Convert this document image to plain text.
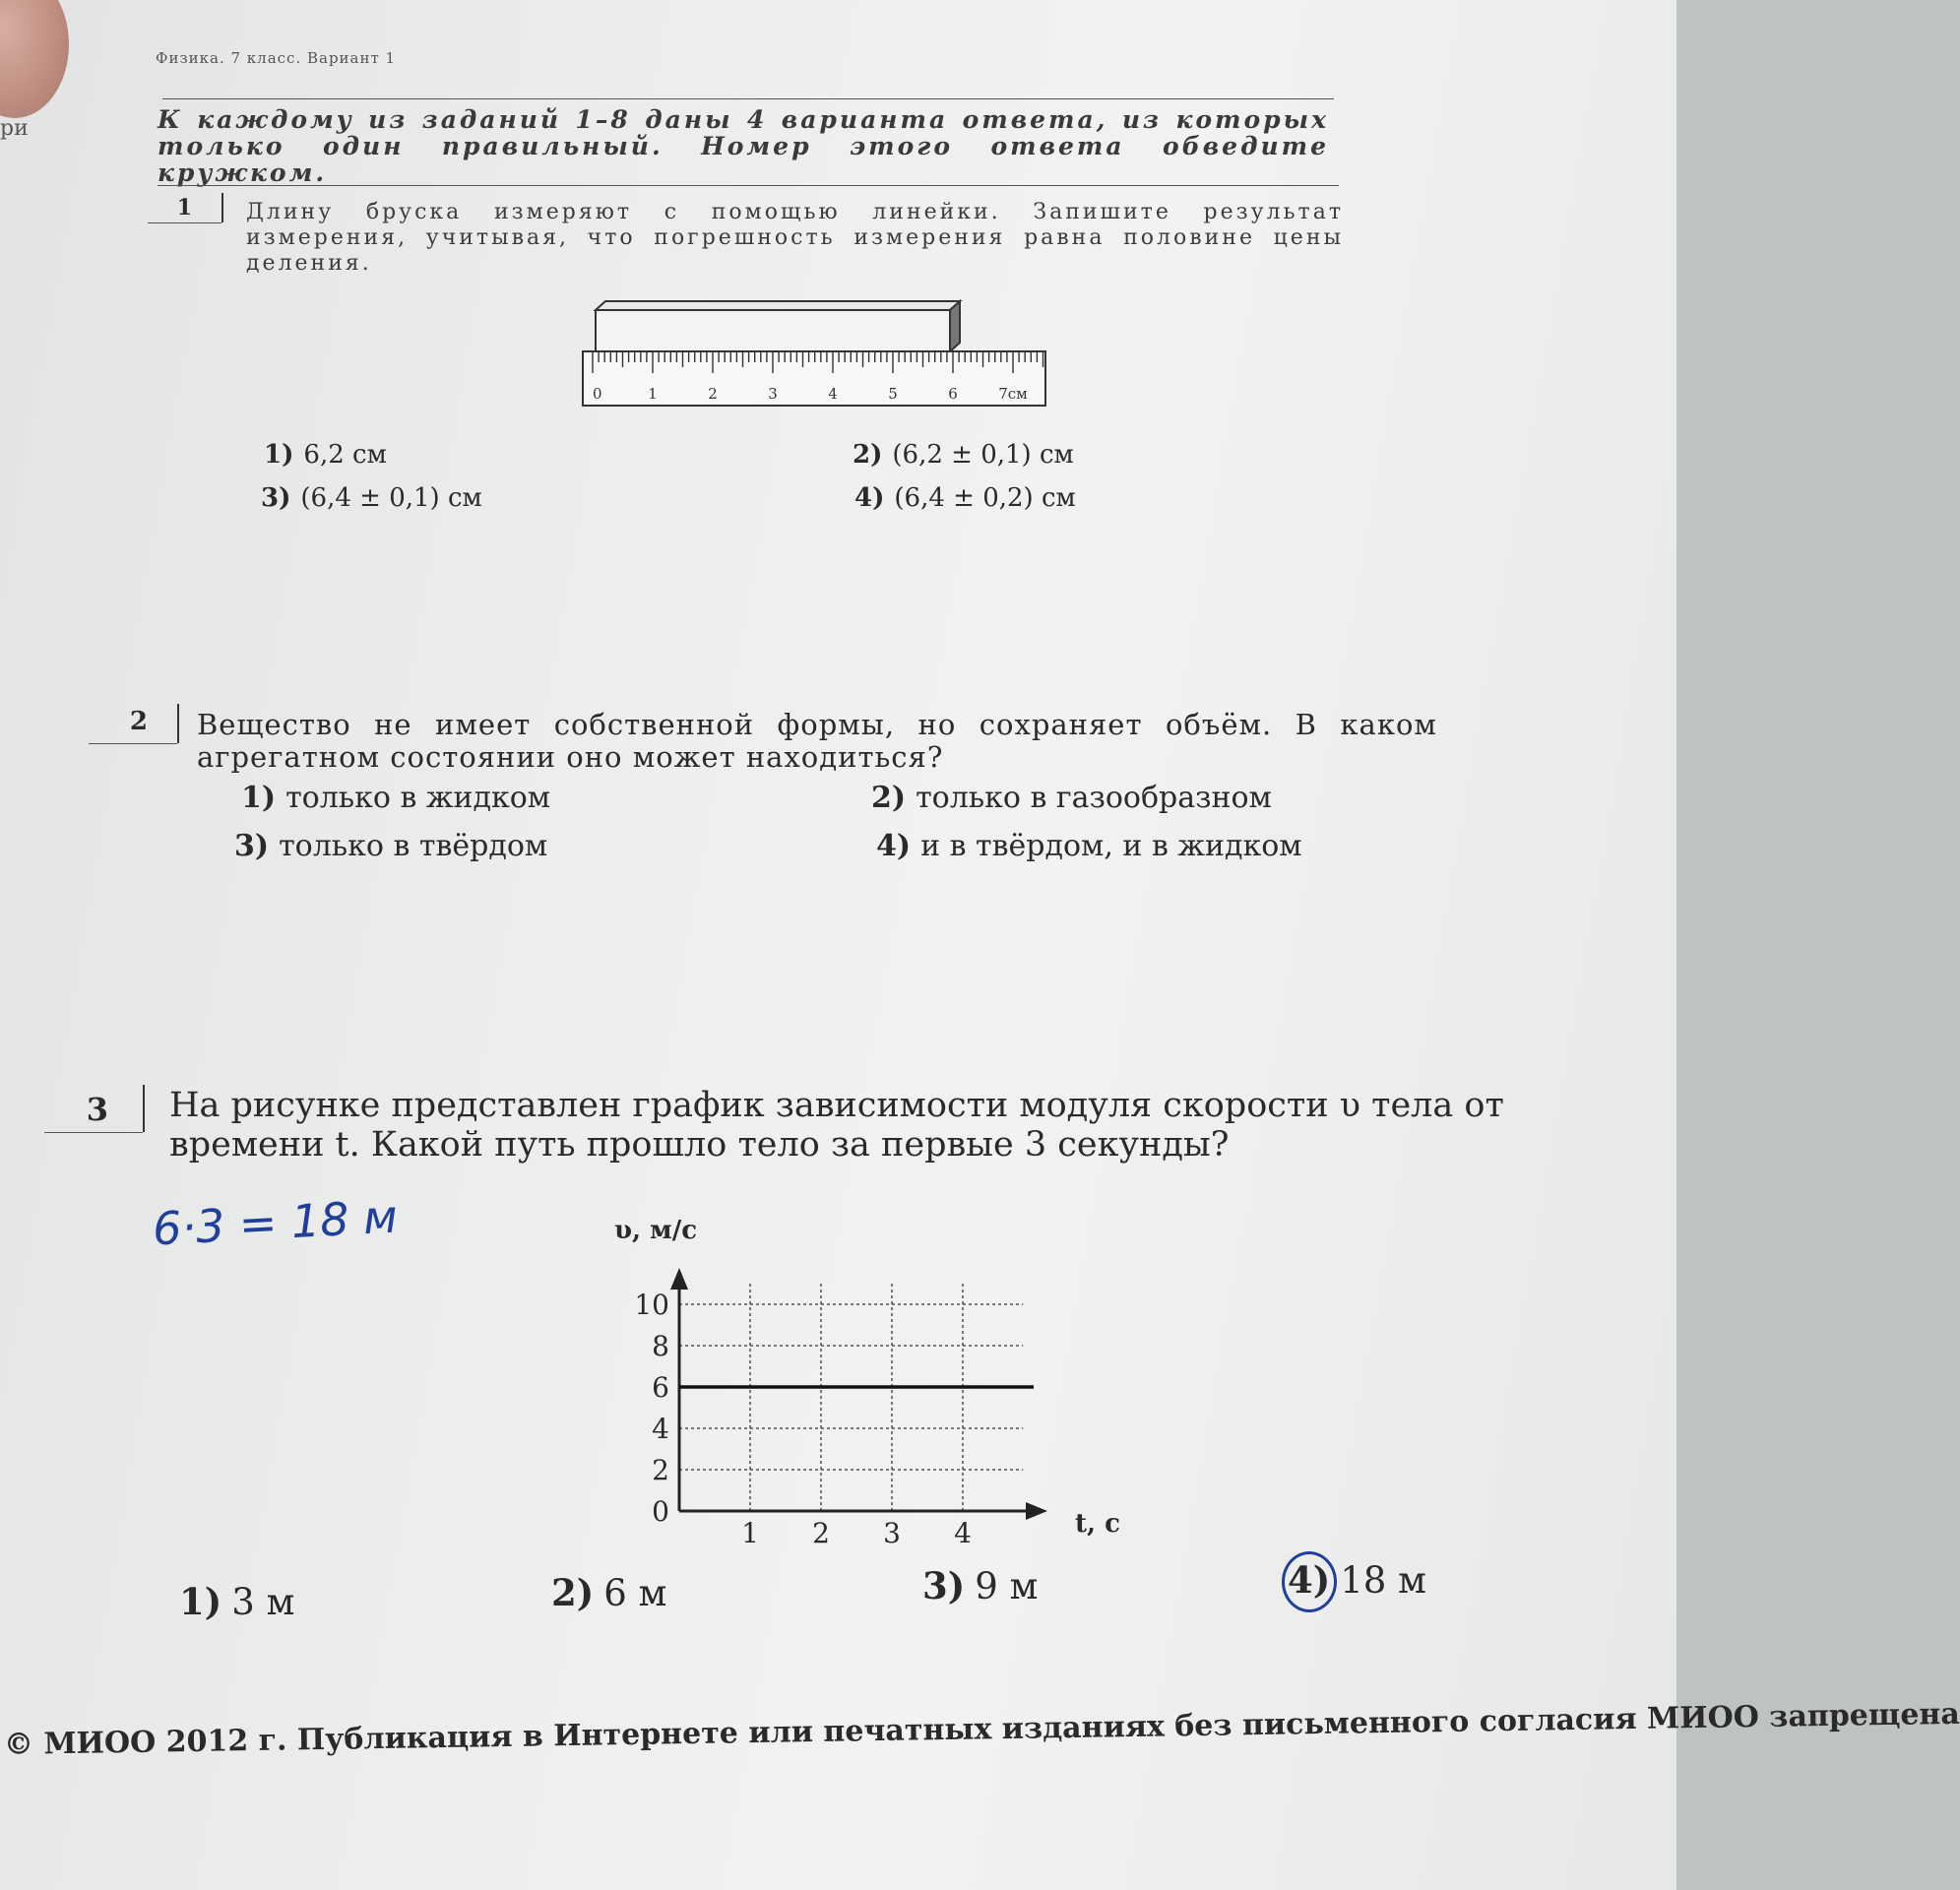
ри
Физика. 7 класс. Вариант 1
К каждому из заданий 1–8 даны 4 варианта ответа, из которых
только один правильный. Номер этого ответа обведите
кружком.
1	Длину бруска измеряют с помощью линейки. Запишите результат измерения, учитывая, что погрешность измерения равна половине цены деления.
0	1	2	3	4	5	6	7см
1) 6,2 см	2) (6,2 ± 0,1) см
3) (6,4 ± 0,1) см	4) (6,4 ± 0,2) см
2 Вещество не имеет собственной формы, но сохраняет объём. В каком агрегатном состоянии оно может находиться?
1) только в жидком	2) только в газообразном
3) только в твёрдом	4) и в твёрдом, и в жидком
3 На рисунке представлен график зависимости модуля скорости υ тела от времени t. Какой путь прошло тело за первые 3 секунды?
6·3 = 18 м
0
2
4
6
8
10
1 2 3 4
υ, м/с
t, с
1) 3 м	2) 6 м	3) 9 м	4) 18 м
© МИОО 2012 г. Публикация в Интернете или печатных изданиях без письменного согласия МИОО запрещена
